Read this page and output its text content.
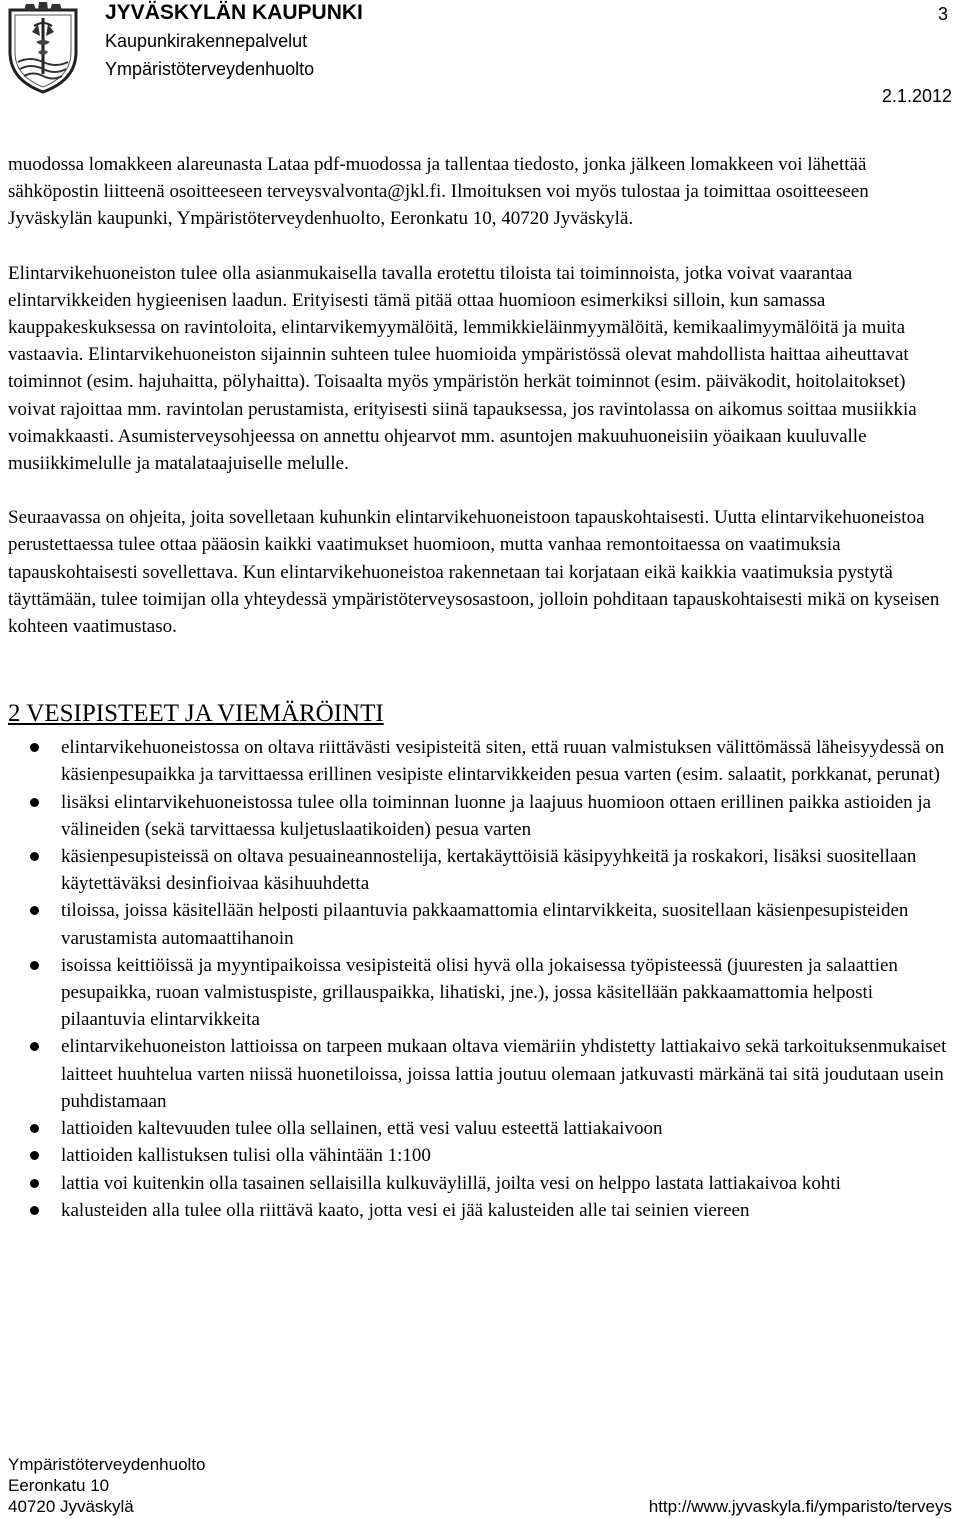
JYVÄSKYLÄN KAUPUNKI
Kaupunkirakennepalvelut
Ympäristöterveydenhuolto
3
2.1.2012

muodossa lomakkeen alareunasta Lataa pdf-muodossa ja tallentaa tiedosto, jonka jälkeen lomakkeen voi lähettää sähköpostin liitteenä osoitteeseen terveysvalvonta@jkl.fi. Ilmoituksen voi myös tulostaa ja toimittaa osoitteeseen Jyväskylän kaupunki, Ympäristöterveydenhuolto, Eeronkatu 10, 40720 Jyväskylä.

Elintarvikehuoneiston tulee olla asianmukaisella tavalla erotettu tiloista tai toiminnoista, jotka voivat vaarantaa elintarvikkeiden hygieenisen laadun. Erityisesti tämä pitää ottaa huomioon esimerkiksi silloin, kun samassa kauppakeskuksessa on ravintoloita, elintarvikemyymälöitä, lemmikkieläinmyymälöitä, kemikaalimyymälöitä ja muita vastaavia. Elintarvikehuoneiston sijainnin suhteen tulee huomioida ympäristössä olevat mahdollista haittaa aiheuttavat toiminnot (esim. hajuhaitta, pölyhaitta). Toisaalta myös ympäristön herkät toiminnot (esim. päiväkodit, hoitolaitokset) voivat rajoittaa mm. ravintolan perustamista, erityisesti siinä tapauksessa, jos ravintolassa on aikomus soittaa musiikkia voimakkaasti. Asumisterveysohjeessa on annettu ohjearvot mm. asuntojen makuuhuoneisiin yöaikaan kuuluvalle musiikkimelulle ja matalataajuiselle melulle.

Seuraavassa on ohjeita, joita sovelletaan kuhunkin elintarvikehuoneistoon tapauskohtaisesti. Uutta elintarvikehuoneistoa perustettaessa tulee ottaa pääosin kaikki vaatimukset huomioon, mutta vanhaa remontoitaessa on vaatimuksia tapauskohtaisesti sovellettava. Kun elintarvikehuoneistoa rakennetaan tai korjataan eikä kaikkia vaatimuksia pystytä täyttämään, tulee toimijan olla yhteydessä ympäristöterveysosastoon, jolloin pohditaan tapauskohtaisesti mikä on kyseisen kohteen vaatimustaso.

2 VESIPISTEET JA VIEMÄRÖINTI
elintarvikehuoneistossa on oltava riittävästi vesipisteitä siten, että ruuan valmistuksen välittömässä läheisyydessä on käsienpesupaikka ja tarvittaessa erillinen vesipiste elintarvikkeiden pesua varten (esim. salaatit, porkkanat, perunat)
lisäksi elintarvikehuoneistossa tulee olla toiminnan luonne ja laajuus huomioon ottaen erillinen paikka astioiden ja välineiden (sekä tarvittaessa kuljetuslaatikoiden) pesua varten
käsienpesupisteissä on oltava pesuaineannostelija, kertakäyttöisiä käsipyyhkeitä ja roskakori, lisäksi suositellaan käytettäväksi desinfioivaa käsihuuhdetta
tiloissa, joissa käsitellään helposti pilaantuvia pakkaamattomia elintarvikkeita, suositellaan käsienpesupisteiden varustamista automaattihanoin
isoissa keittiöissä ja myyntipaikoissa vesipisteitä olisi hyvä olla jokaisessa työpisteessä (juuresten ja salaattien pesupaikka, ruoan valmistuspiste, grillauspaikka, lihatiski, jne.), jossa käsitellään pakkaamattomia helposti pilaantuvia elintarvikkeita
elintarvikehuoneiston lattioissa on tarpeen mukaan oltava viemäriin yhdistetty lattiakaivo sekä tarkoituksenmukaiset laitteet huuhtelua varten niissä huonetiloissa, joissa lattia joutuu olemaan jatkuvasti märkänä tai sitä joudutaan usein puhdistamaan
lattioiden kaltevuuden tulee olla sellainen, että vesi valuu esteettä lattiakaivoon
lattioiden kallistuksen tulisi olla vähintään 1:100
lattia voi kuitenkin olla tasainen sellaisilla kulkuväylillä, joilta vesi on helppo lastata lattiakaivoa kohti
kalusteiden alla tulee olla riittävä kaato, jotta vesi ei jää kalusteiden alle tai seinien viereen
Ympäristöterveydenhuolto
Eeronkatu 10
40720 Jyväskylä	http://www.jyvaskyla.fi/ymparisto/terveys
